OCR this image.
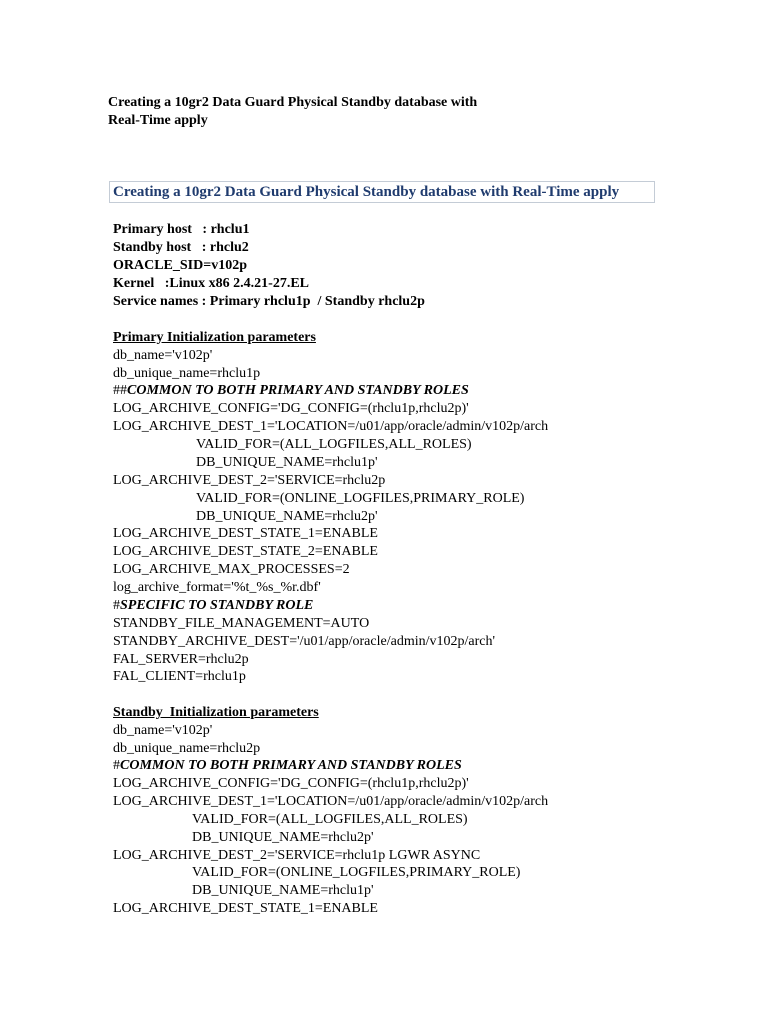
Creating a 10gr2 Data Guard Physical Standby database with
Real-Time apply
Creating a 10gr2 Data Guard Physical Standby database with Real-Time apply
Primary host   : rhclu1
Standby host   : rhclu2
ORACLE_SID=v102p
Kernel   :Linux x86 2.4.21-27.EL
Service names : Primary rhclu1p  / Standby rhclu2p
Primary Initialization parameters
db_name='v102p'
db_unique_name=rhclu1p
##COMMON TO BOTH PRIMARY AND STANDBY ROLES
LOG_ARCHIVE_CONFIG='DG_CONFIG=(rhclu1p,rhclu2p)'
LOG_ARCHIVE_DEST_1='LOCATION=/u01/app/oracle/admin/v102p/arch
VALID_FOR=(ALL_LOGFILES,ALL_ROLES)
DB_UNIQUE_NAME=rhclu1p'
LOG_ARCHIVE_DEST_2='SERVICE=rhclu2p
VALID_FOR=(ONLINE_LOGFILES,PRIMARY_ROLE)
DB_UNIQUE_NAME=rhclu2p'
LOG_ARCHIVE_DEST_STATE_1=ENABLE
LOG_ARCHIVE_DEST_STATE_2=ENABLE
LOG_ARCHIVE_MAX_PROCESSES=2
log_archive_format='%t_%s_%r.dbf'
#SPECIFIC TO STANDBY ROLE
STANDBY_FILE_MANAGEMENT=AUTO
STANDBY_ARCHIVE_DEST='/u01/app/oracle/admin/v102p/arch'
FAL_SERVER=rhclu2p
FAL_CLIENT=rhclu1p
Standby  Initialization parameters
db_name='v102p'
db_unique_name=rhclu2p
#COMMON TO BOTH PRIMARY AND STANDBY ROLES
LOG_ARCHIVE_CONFIG='DG_CONFIG=(rhclu1p,rhclu2p)'
LOG_ARCHIVE_DEST_1='LOCATION=/u01/app/oracle/admin/v102p/arch
VALID_FOR=(ALL_LOGFILES,ALL_ROLES)
DB_UNIQUE_NAME=rhclu2p'
LOG_ARCHIVE_DEST_2='SERVICE=rhclu1p LGWR ASYNC
VALID_FOR=(ONLINE_LOGFILES,PRIMARY_ROLE)
DB_UNIQUE_NAME=rhclu1p'
LOG_ARCHIVE_DEST_STATE_1=ENABLE
